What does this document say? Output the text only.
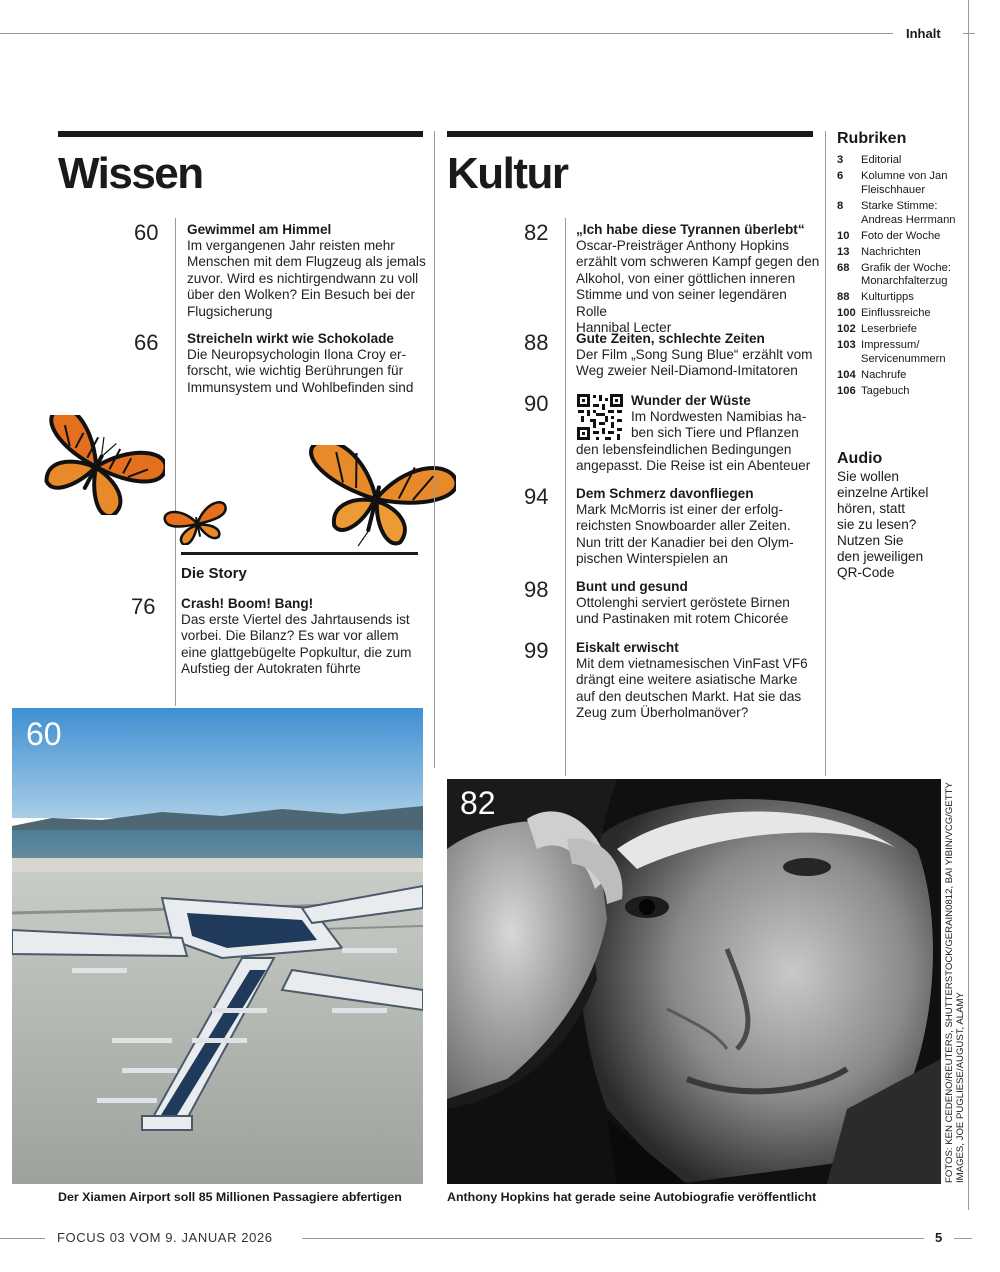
Inhalt
Wissen
60 Gewimmel am Himmel
Im vergangenen Jahr reisten mehr
Menschen mit dem Flugzeug als jemals
zuvor. Wird es nichtirgendwann zu voll
über den Wolken? Ein Besuch bei der
Flugsicherung
66 Streicheln wirkt wie Schokolade
Die Neuropsychologin Ilona Croy er-
forscht, wie wichtig Berührungen für
Immunsystem und Wohlbefinden sind
Die Story
76 Crash! Boom! Bang!
Das erste Viertel des Jahrtausends ist
vorbei. Die Bilanz? Es war vor allem
eine glattgebügelte Popkultur, die zum
Aufstieg der Autokraten führte
Kultur
82 „Ich habe diese Tyrannen überlebt“
Oscar-Preisträger Anthony Hopkins
erzählt vom schweren Kampf gegen den
Alkohol, von einer göttlichen inneren
Stimme und von seiner legendären Rolle
Hannibal Lecter
88 Gute Zeiten, schlechte Zeiten
Der Film „Song Sung Blue“ erzählt vom
Weg zweier Neil-Diamond-Imitatoren
90	Wunder der Wüste
Im Nordwesten Namibias ha-
ben sich Tiere und Pflanzen
den lebensfeindlichen Bedingungen
angepasst. Die Reise ist ein Abenteuer
94 Dem Schmerz davonfliegen
Mark McMorris ist einer der erfolg-
reichsten Snowboarder aller Zeiten.
Nun tritt der Kanadier bei den Olym-
pischen Winterspielen an
98 Bunt und gesund
Ottolenghi serviert geröstete Birnen
und Pastinaken mit rotem Chicorée
99 Eiskalt erwischt
Mit dem vietnamesischen VinFast VF6
drängt eine weitere asiatische Marke
auf den deutschen Markt. Hat sie das
Zeug zum Überholmanöver?
Rubriken
3	Editorial
6	Kolumne von Jan Fleischhauer
8	Starke Stimme: Andreas Herrmann
10	Foto der Woche
13	Nachrichten
68	Grafik der Woche: Monarchfalterzug
88	Kulturtipps
100 Einflussreiche
102 Leserbriefe
103 Impressum/ Servicenummern
104 Nachrufe
106 Tagebuch
Audio
Sie wollen
einzelne Artikel
hören, statt
sie zu lesen?
Nutzen Sie
den jeweiligen
QR-Code
60
Der Xiamen Airport soll 85 Millionen Passagiere abfertigen
82
Anthony Hopkins hat gerade seine Autobiografie veröffentlicht
FOTOS: KEN CEDENO/REUTERS, SHUTTERSTOCK/GERAIN0812, BAI YIBIN/VCG/GETTY IMAGES, JOE PUGLIESE/AUGUST, ALAMY
FOCUS 03 VOM 9. JANUAR 2026	5
